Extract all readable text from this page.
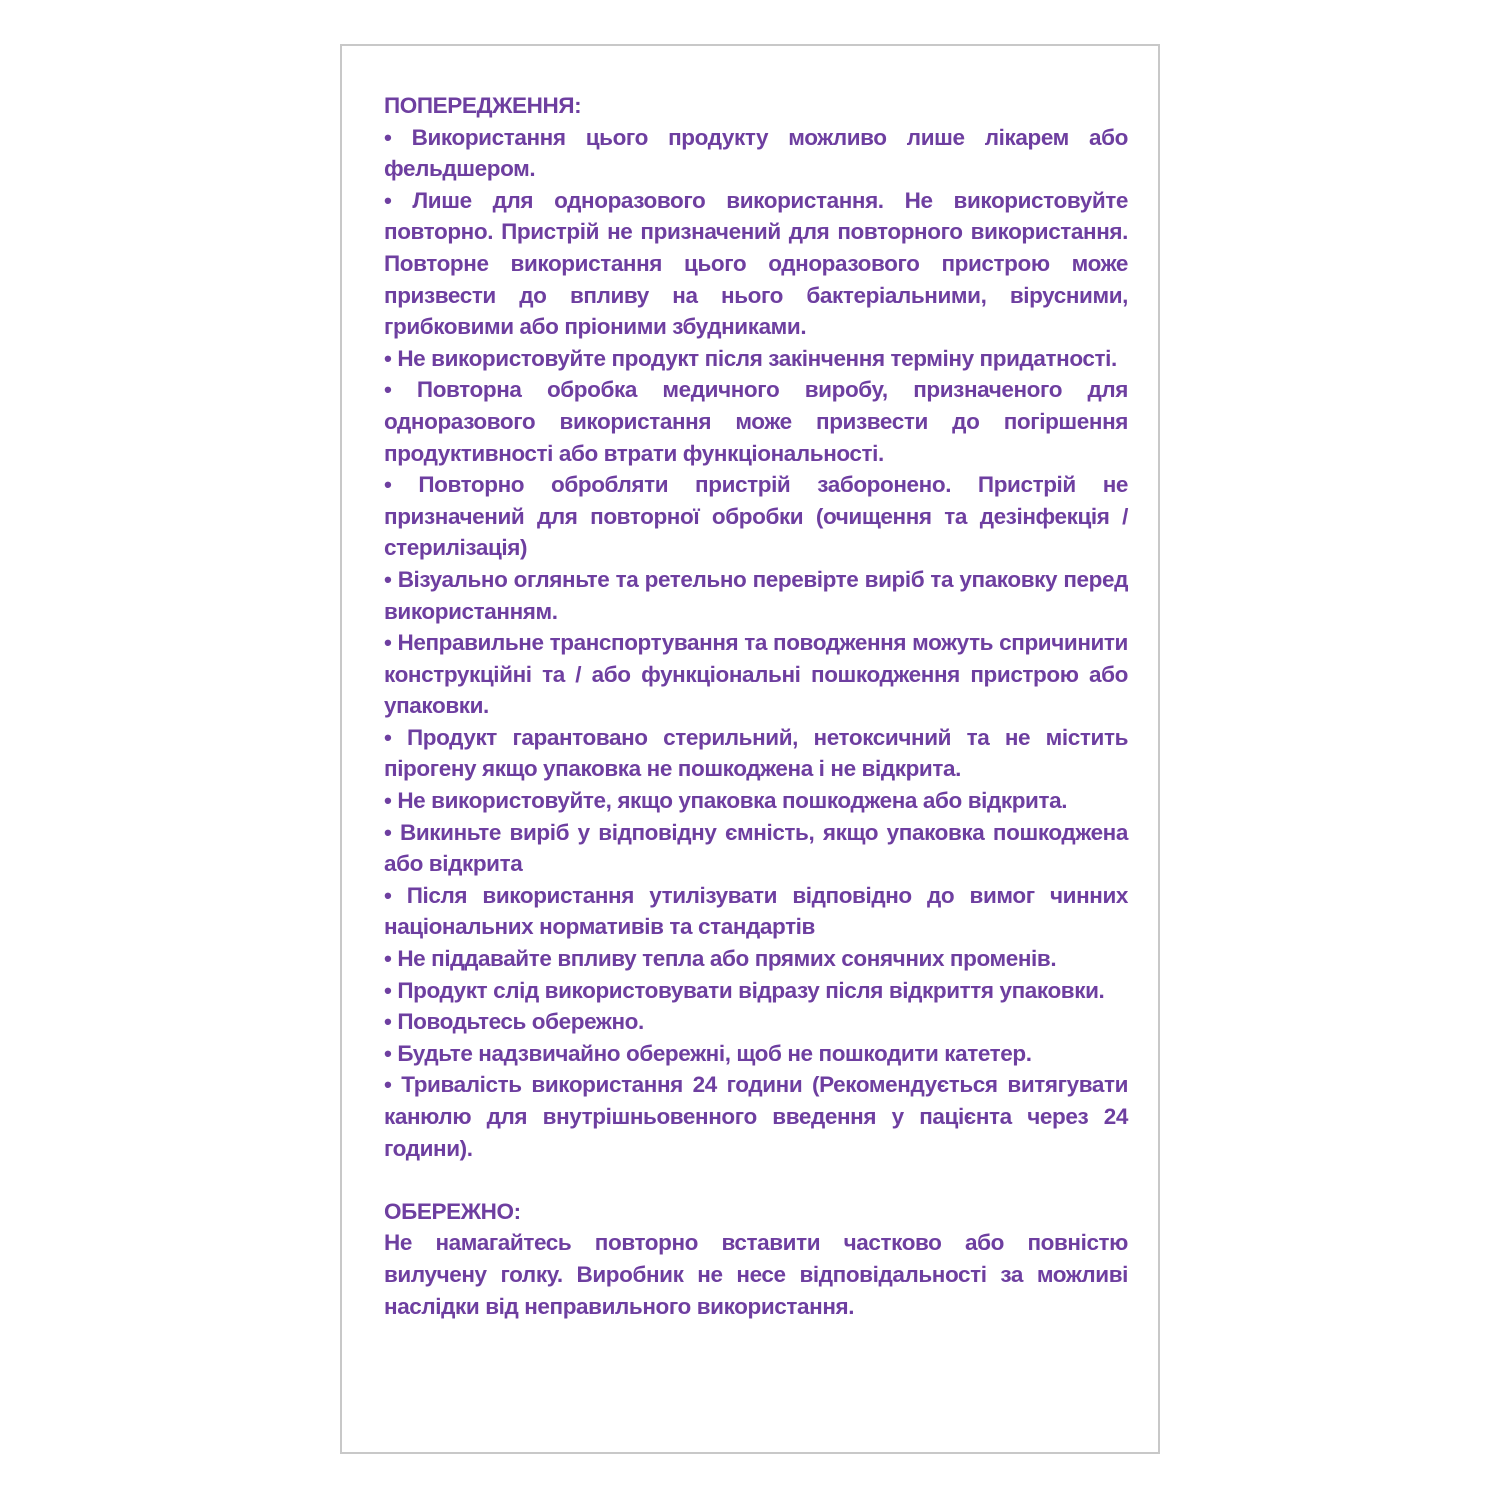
ПОПЕРЕДЖЕННЯ:

• Використання цього продукту можливо лише лікарем або фельдшером.

• Лише для одноразового використання. Не використовуйте повторно. Пристрій не призначений для повторного використання. Повторне використання цього одноразового пристрою може призвести до впливу на нього бактеріальними, вірусними, грибковими або пріоними збудниками.

• Не використовуйте продукт після закінчення терміну придатності.

• Повторна обробка медичного виробу, призначеного для одноразового використання може призвести до погіршення продуктивності або втрати функціональності.

• Повторно обробляти пристрій заборонено. Пристрій не призначений для повторної обробки (очищення та дезінфекція / стерилізація)

• Візуально огляньте та ретельно перевірте виріб та упаковку перед використанням.

• Неправильне транспортування та поводження можуть спричинити конструкційні та / або функціональні пошкодження пристрою або упаковки.

• Продукт гарантовано стерильний, нетоксичний та не містить пірогену якщо упаковка не пошкоджена і не відкрита.

• Не використовуйте, якщо упаковка пошкоджена або відкрита.

• Викиньте виріб у відповідну ємність, якщо упаковка пошкоджена або відкрита

• Після використання утилізувати відповідно до вимог чинних національних нормативів та стандартів

• Не піддавайте впливу тепла або прямих сонячних променів.

• Продукт слід використовувати відразу після відкриття упаковки.

• Поводьтесь обережно.

• Будьте надзвичайно обережні, щоб не пошкодити катетер.

• Тривалість використання 24 години (Рекомендується витягувати канюлю для внутрішньовенного введення у пацієнта через 24 години).

ОБЕРЕЖНО:

Не намагайтесь повторно вставити частково або повністю вилучену голку. Виробник не несе відповідальності за можливі наслідки від неправильного використання.
